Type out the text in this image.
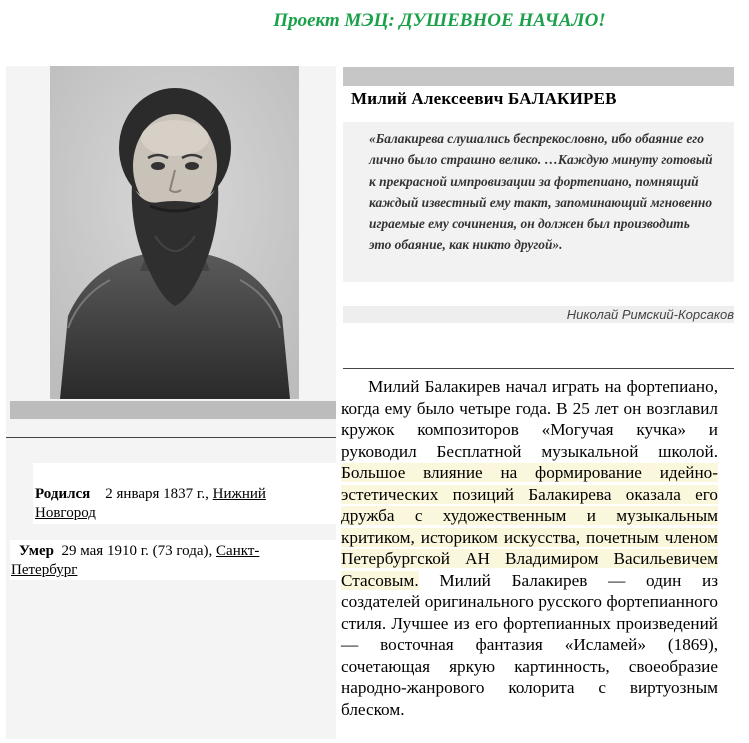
Проект МЭЦ: ДУШЕВНОЕ НАЧАЛО!
Родился 2 января 1837 г., Нижний Новгород
Умер 29 мая 1910 г. (73 года), Санкт-Петербург
Милий Алексеевич БАЛАКИРЕВ
«Балакирева слушались беспрекословно, ибо обаяние его лично было страшно велико. …Каждую минуту готовый к прекрасной импровизации за фортепиано, помнящий каждый известный ему такт, запоминающий мгновенно играемые ему сочинения, он должен был производить это обаяние, как никто другой».
Николай Римский-Корсаков
Милий Балакирев начал играть на фортепиано, когда ему было четыре года. В 25 лет он возглавил кружок композиторов «Могучая кучка» и руководил Бесплатной музыкальной школой. Большое влияние на формирование идейно-эстетических позиций Балакирева оказала его дружба с художественным и музыкальным критиком, историком искусства, почетным членом Петербургской АН Владимиром Васильевичем Стасовым. Милий Балакирев — один из создателей оригинального русского фортепианного стиля. Лучшее из его фортепианных произведений — восточная фантазия «Исламей» (1869), сочетающая яркую картинность, своеобразие народно-жанрового колорита с виртуозным блеском.
